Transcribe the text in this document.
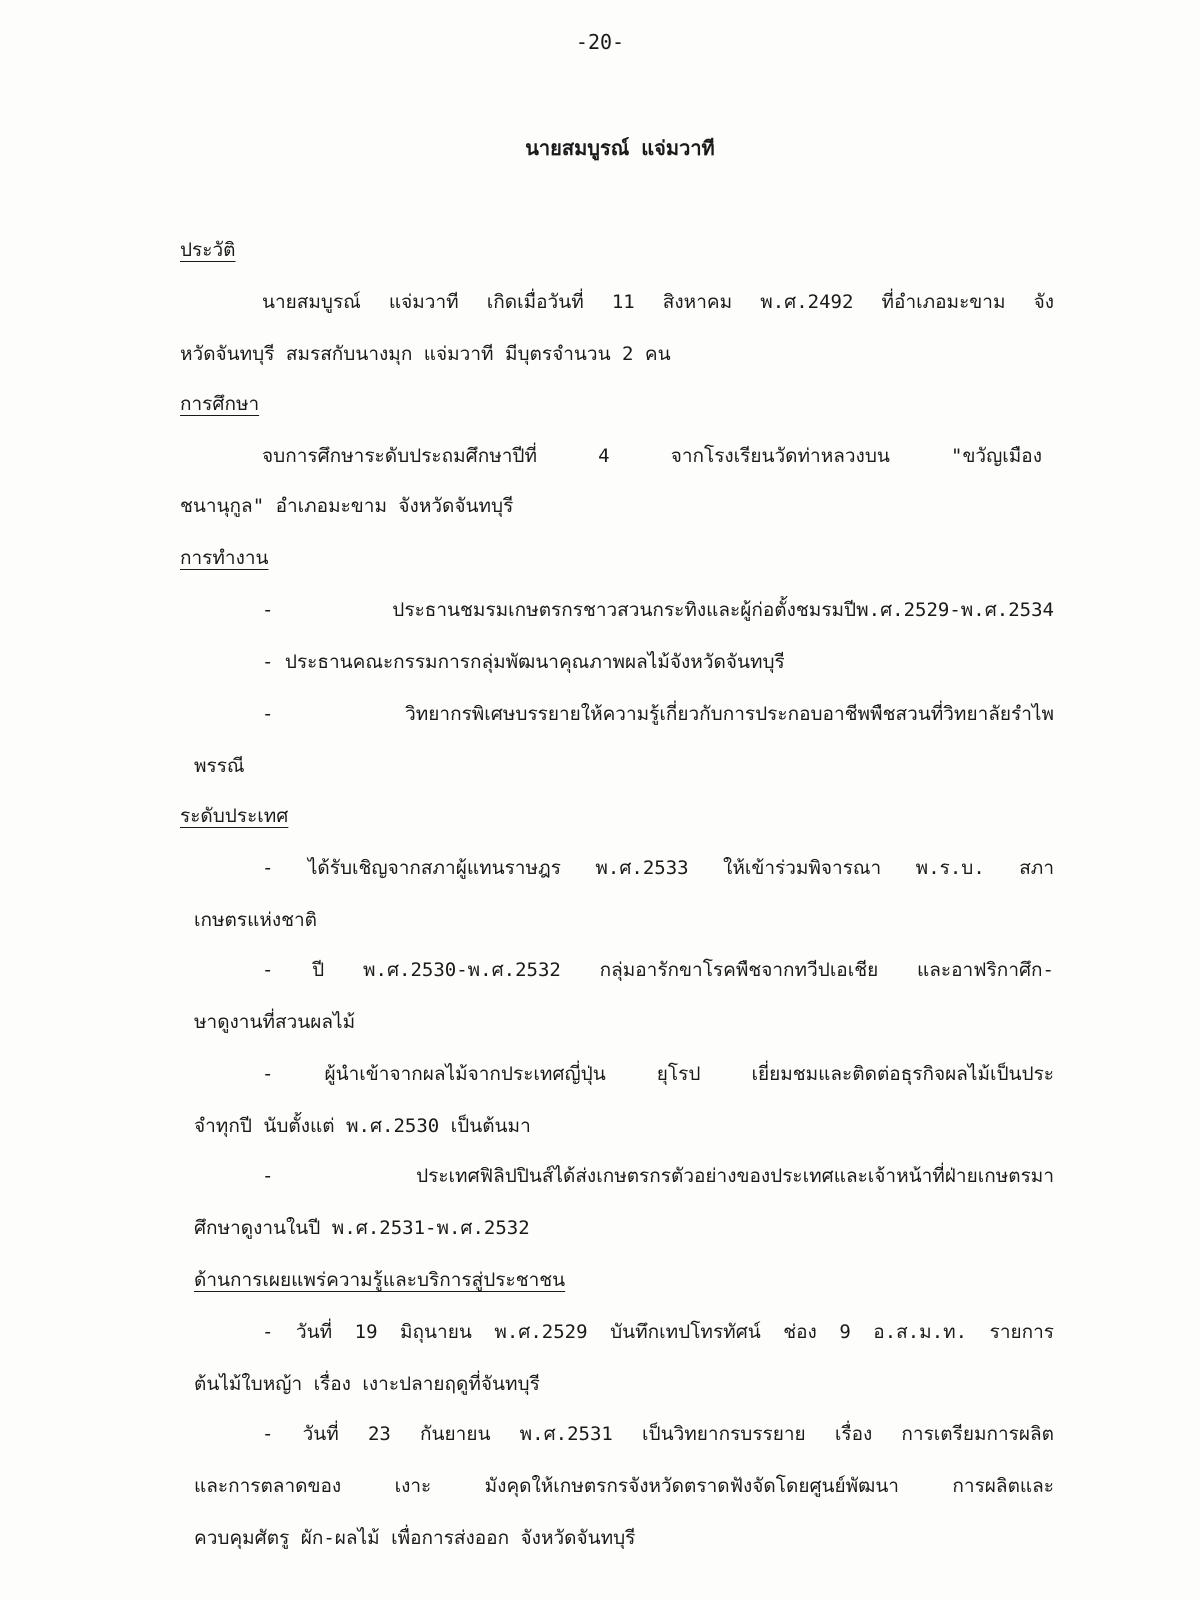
-20-
นายสมบูรณ์ แจ่มวาที
ประวัติ
นายสมบูรณ์ แจ่มวาที เกิดเมื่อวันที่ 11 สิงหาคม พ.ศ.2492 ที่อำเภอมะขาม จัง
หวัดจันทบุรี สมรสกับนางมุก แจ่มวาที มีบุตรจำนวน 2 คน
การศึกษา
จบการศึกษาระดับประถมศึกษาปีที่ 4 จากโรงเรียนวัดท่าหลวงบน "ขวัญเมือง
ชนานุกูล" อำเภอมะขาม จังหวัดจันทบุรี
การทำงาน
- ประธานชมรมเกษตรกรชาวสวนกระทิงและผู้ก่อตั้งชมรมปีพ.ศ.2529-พ.ศ.2534
- ประธานคณะกรรมการกลุ่มพัฒนาคุณภาพผลไม้จังหวัดจันทบุรี
- วิทยากรพิเศษบรรยายให้ความรู้เกี่ยวกับการประกอบอาชีพพืชสวนที่วิทยาลัยรำไพ
พรรณี
ระดับประเทศ
- ได้รับเชิญจากสภาผู้แทนราษฎร พ.ศ.2533 ให้เข้าร่วมพิจารณา พ.ร.บ. สภา
เกษตรแห่งชาติ
- ปี พ.ศ.2530-พ.ศ.2532 กลุ่มอารักขาโรคพืชจากทวีปเอเชีย และอาฟริกาศึก-
ษาดูงานที่สวนผลไม้
- ผู้นำเข้าจากผลไม้จากประเทศญี่ปุ่น ยุโรป เยี่ยมชมและติดต่อธุรกิจผลไม้เป็นประ
จำทุกปี นับตั้งแต่ พ.ศ.2530 เป็นต้นมา
- ประเทศฟิลิปปินส์ได้ส่งเกษตรกรตัวอย่างของประเทศและเจ้าหน้าที่ฝ่ายเกษตรมา
ศึกษาดูงานในปี พ.ศ.2531-พ.ศ.2532
ด้านการเผยแพร่ความรู้และบริการสู่ประชาชน
- วันที่ 19 มิถุนายน พ.ศ.2529 บันทึกเทปโทรทัศน์ ช่อง 9 อ.ส.ม.ท. รายการ
ต้นไม้ใบหญ้า เรื่อง เงาะปลายฤดูที่จันทบุรี
- วันที่ 23 กันยายน พ.ศ.2531 เป็นวิทยากรบรรยาย เรื่อง การเตรียมการผลิต
และการตลาดของ เงาะ มังคุดให้เกษตรกรจังหวัดตราดฟังจัดโดยศูนย์พัฒนา การผลิตและ
ควบคุมศัตรู ผัก-ผลไม้ เพื่อการส่งออก จังหวัดจันทบุรี
